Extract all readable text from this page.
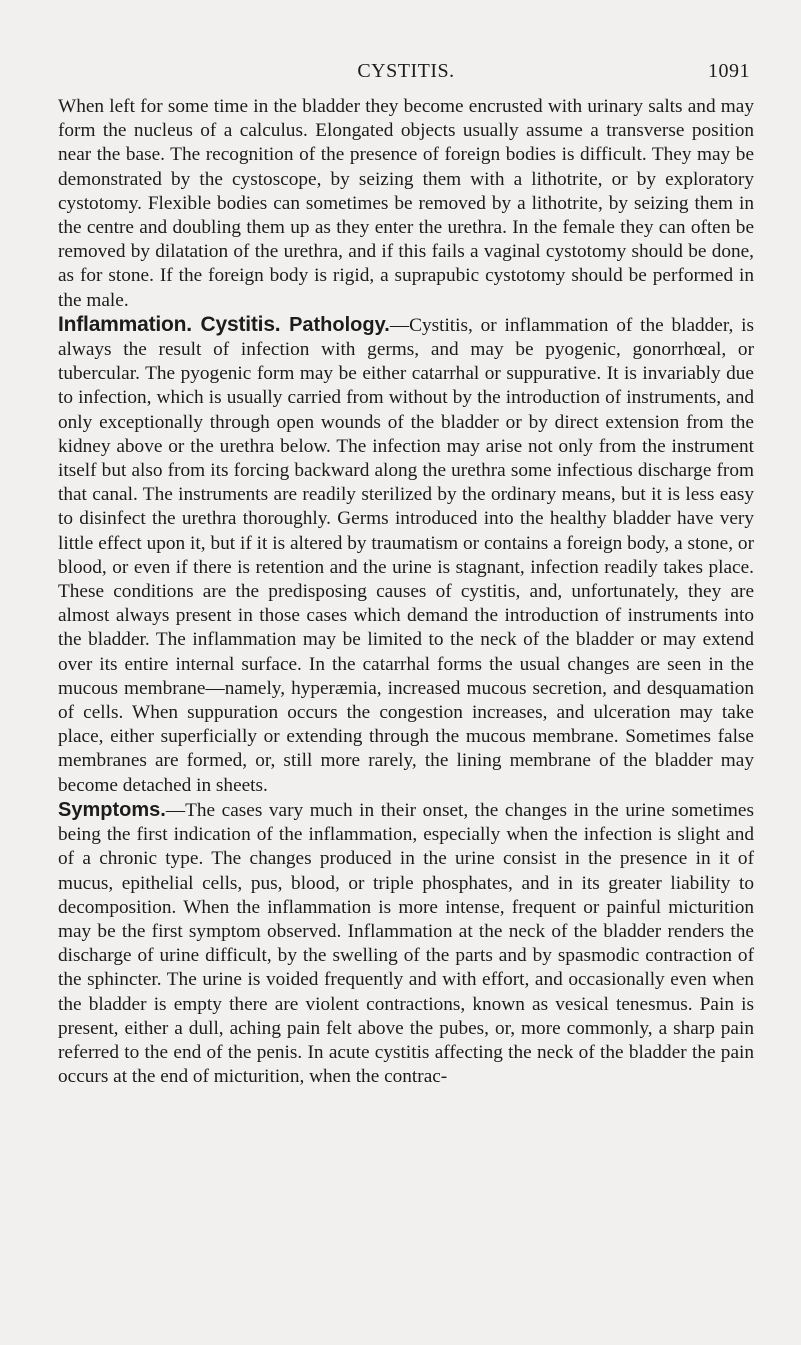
CYSTITIS.	1091

When left for some time in the bladder they become encrusted with urinary salts and may form the nucleus of a calculus. Elongated objects usually assume a transverse position near the base. The recognition of the presence of foreign bodies is difficult. They may be demonstrated by the cystoscope, by seizing them with a lithotrite, or by exploratory cystotomy. Flexible bodies can sometimes be removed by a lithotrite, by seizing them in the centre and doubling them up as they enter the urethra. In the female they can often be removed by dilatation of the urethra, and if this fails a vaginal cystotomy should be done, as for stone. If the foreign body is rigid, a suprapubic cystotomy should be performed in the male.

Inflammation. Cystitis. Pathology.—Cystitis, or inflammation of the bladder, is always the result of infection with germs, and may be pyogenic, gonorrhœal, or tubercular. The pyogenic form may be either catarrhal or suppurative. It is invariably due to infection, which is usually carried from without by the introduction of instruments, and only exceptionally through open wounds of the bladder or by direct extension from the kidney above or the urethra below. The infection may arise not only from the instrument itself but also from its forcing backward along the urethra some infectious discharge from that canal. The instruments are readily sterilized by the ordinary means, but it is less easy to disinfect the urethra thoroughly. Germs introduced into the healthy bladder have very little effect upon it, but if it is altered by traumatism or contains a foreign body, a stone, or blood, or even if there is retention and the urine is stagnant, infection readily takes place. These conditions are the predisposing causes of cystitis, and, unfortunately, they are almost always present in those cases which demand the introduction of instruments into the bladder. The inflammation may be limited to the neck of the bladder or may extend over its entire internal surface. In the catarrhal forms the usual changes are seen in the mucous membrane—namely, hyperæmia, increased mucous secretion, and desquamation of cells. When suppuration occurs the congestion increases, and ulceration may take place, either superficially or extending through the mucous membrane. Sometimes false membranes are formed, or, still more rarely, the lining membrane of the bladder may become detached in sheets.

Symptoms.—The cases vary much in their onset, the changes in the urine sometimes being the first indication of the inflammation, especially when the infection is slight and of a chronic type. The changes produced in the urine consist in the presence in it of mucus, epithelial cells, pus, blood, or triple phosphates, and in its greater liability to decomposition. When the inflammation is more intense, frequent or painful micturition may be the first symptom observed. Inflammation at the neck of the bladder renders the discharge of urine difficult, by the swelling of the parts and by spasmodic contraction of the sphincter. The urine is voided frequently and with effort, and occasionally even when the bladder is empty there are violent contractions, known as vesical tenesmus. Pain is present, either a dull, aching pain felt above the pubes, or, more commonly, a sharp pain referred to the end of the penis. In acute cystitis affecting the neck of the bladder the pain occurs at the end of micturition, when the contrac-
